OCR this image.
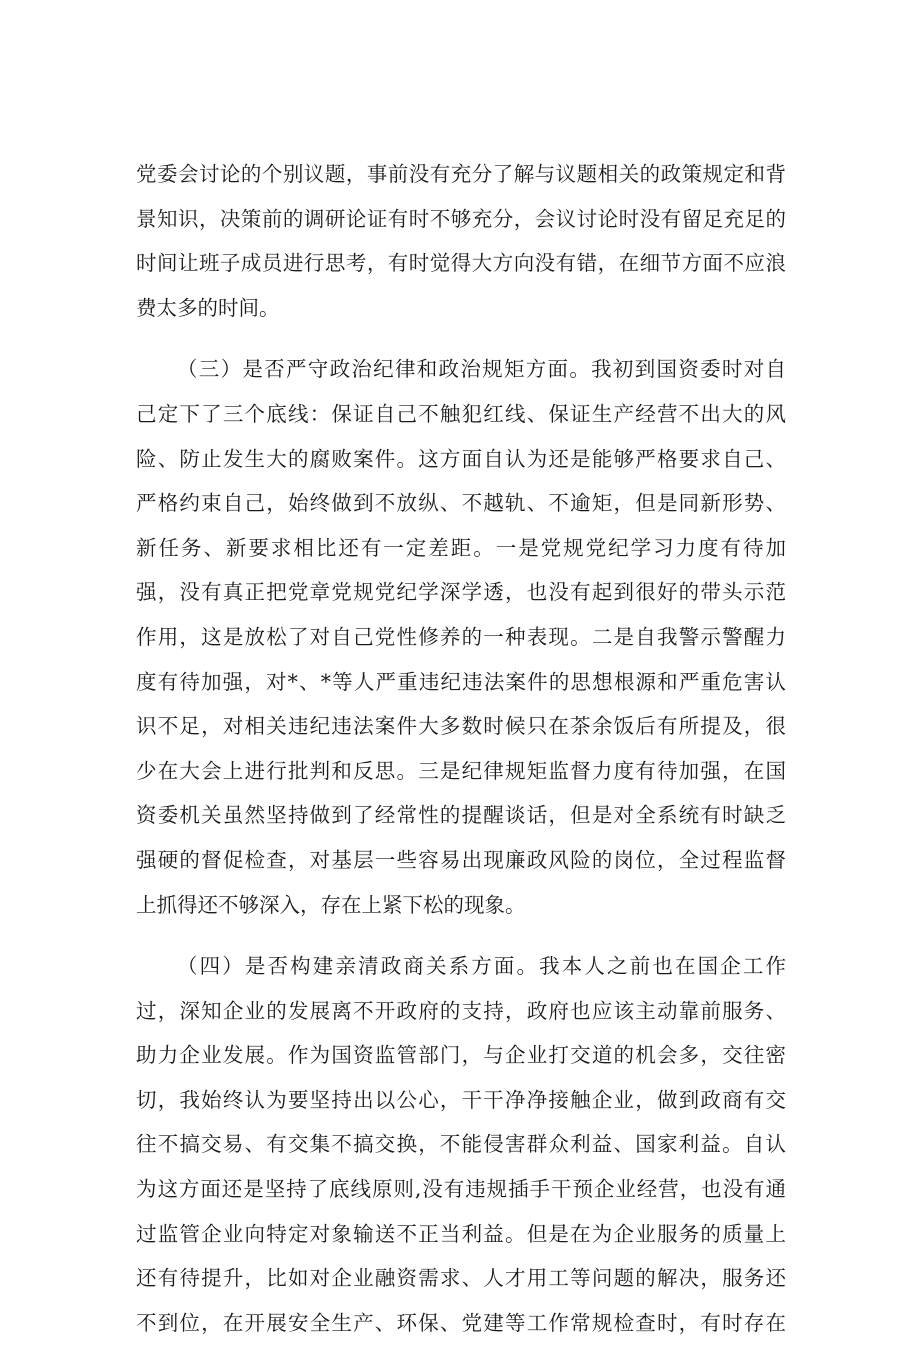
党委会讨论的个别议题，事前没有充分了解与议题相关的政策规定和背
景知识，决策前的调研论证有时不够充分，会议讨论时没有留足充足的
时间让班子成员进行思考，有时觉得大方向没有错，在细节方面不应浪
费太多的时间。
（三）是否严守政治纪律和政治规矩方面。我初到国资委时对自
己定下了三个底线：保证自己不触犯红线、保证生产经营不出大的风
险、防止发生大的腐败案件。这方面自认为还是能够严格要求自己、
严格约束自己，始终做到不放纵、不越轨、不逾矩，但是同新形势、
新任务、新要求相比还有一定差距。一是党规党纪学习力度有待加
强，没有真正把党章党规党纪学深学透，也没有起到很好的带头示范
作用，这是放松了对自己党性修养的一种表现。二是自我警示警醒力
度有待加强，对*、*等人严重违纪违法案件的思想根源和严重危害认
识不足，对相关违纪违法案件大多数时候只在茶余饭后有所提及，很
少在大会上进行批判和反思。三是纪律规矩监督力度有待加强，在国
资委机关虽然坚持做到了经常性的提醒谈话，但是对全系统有时缺乏
强硬的督促检查，对基层一些容易出现廉政风险的岗位，全过程监督
上抓得还不够深入，存在上紧下松的现象。
（四）是否构建亲清政商关系方面。我本人之前也在国企工作
过，深知企业的发展离不开政府的支持，政府也应该主动靠前服务、
助力企业发展。作为国资监管部门，与企业打交道的机会多，交往密
切，我始终认为要坚持出以公心，干干净净接触企业，做到政商有交
往不搞交易、有交集不搞交换，不能侵害群众利益、国家利益。自认
为这方面还是坚持了底线原则,没有违规插手干预企业经营，也没有通
过监管企业向特定对象输送不正当利益。但是在为企业服务的质量上
还有待提升，比如对企业融资需求、人才用工等问题的解决，服务还
不到位，在开展安全生产、环保、党建等工作常规检查时，有时存在
